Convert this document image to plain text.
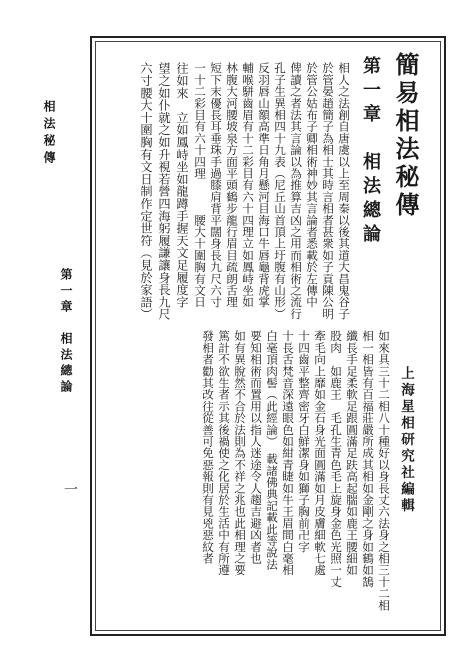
簡易相法秘傳
第一章　相法總論
上海星相研究社編輯
相法秘傳
第一章　相法總論
一
相人之法創自唐虞以上至周秦以後其道大昌鬼谷子
於管晏趙簡子為相士其時言相者甚衆如子貢陳公明
於管公姑布子卿相術神妙其言論者悉載於左傳中
俾讀之者法其言論以為推算吉凶之用而相術之流行
孔子生異相四十九表（尼丘山首頂上圩腹有山形）
反羽唇山額高準日角月懸河目海口牛唇龜背虎掌
輔喉駢齒眉有十二彩目有六十四理立如鳳峙坐如
林腹大河腰坡泉方面平頭鶴步龍行眉目疏朗舌理
短下末優長耳垂珠手過膝肩背平闊身長九尺六寸
一十二彩目有六十四理　　　腰大十圍胸有文日
往如來　立如鳳峙坐如龍蹲手握天文足履度字
望之如仆就之如升視若營四海躬履謙讓身長九尺
六寸腰大十圍胸有文日制作定世符（見於家語）
如來具三十二相八十種好以身長丈六法身之相三十二相
相一相皆有百福莊嚴所成其相如金剛之身如鶴如鵠
纖長手足柔軟足跟圓滿足趺高起腨如鹿王腰細如
股肉　如鹿王　毛孔生青色毛上旋身金色光照一丈
牽毛向上靡如金石身光面圓滿如月皮膚細軟七處
十四齒平整齊密牙白鮮潔身如獅子胸前卍字
十長舌梵音深遠眼色如紺青睫如牛王眉間白毫相
白毫頂肉髻（此經論）　載諸佛典記載此等說法
要知相術而置用以指人迷途令人趨吉避凶者也
如有異脫然不合於法則為不祥之兆也此相理之要
篤計不欲生者示其後禍使之化居於生活中有所遵
發相者勸其改往從善可免惡報則有見兇惡紋者
